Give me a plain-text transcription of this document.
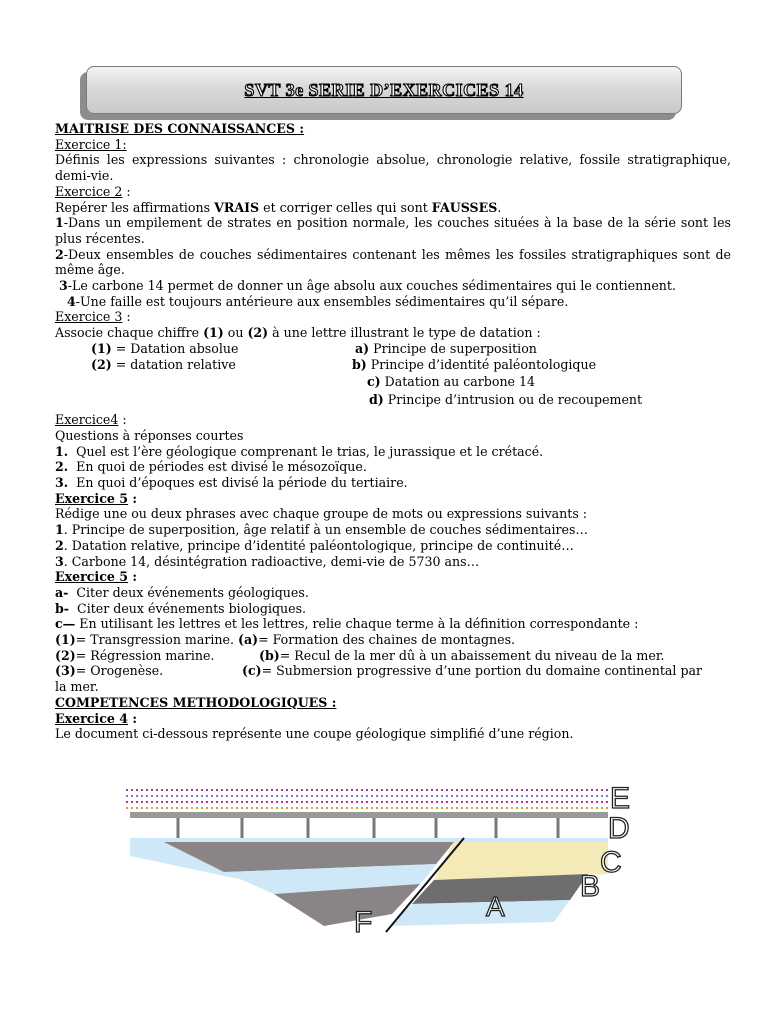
SVT 3e SERIE D’EXERCICES 14

MAITRISE DES CONNAISSANCES :

Exercice 1:

Définis les expressions suivantes : chronologie absolue, chronologie relative, fossile stratigraphique, demi-vie.

Exercice 2 :

Repérer les affirmations VRAIS et corriger celles qui sont FAUSSES.

1-Dans un empilement de strates en position normale, les couches situées à la base de la série sont les plus récentes.

2-Deux ensembles de couches sédimentaires contenant les mêmes les fossiles stratigraphiques sont de même âge.

3-Le carbone 14 permet de donner un âge absolu aux couches sédimentaires qui le contiennent.

4-Une faille est toujours antérieure aux ensembles sédimentaires qu’il sépare.

Exercice 3 :

Associe chaque chiffre (1) ou (2) à une lettre illustrant le type de datation :

(1) = Datation absolue	a) Principe de superposition
(2) = datation relative	b) Principe d’identité paléontologique
c) Datation au carbone 14
d) Principe d’intrusion ou de recoupement

Exercice4 :

Questions à réponses courtes

1. Quel est l’ère géologique comprenant le trias, le jurassique et le crétacé.

2. En quoi de périodes est divisé le mésozoïque.

3. En quoi d’époques est divisé la période du tertiaire.

Exercice 5 :

Rédige une ou deux phrases avec chaque groupe de mots ou expressions suivants :

1. Principe de superposition, âge relatif à un ensemble de couches sédimentaires…

2. Datation relative, principe d’identité paléontologique, principe de continuité…

3. Carbone 14, désintégration radioactive, demi-vie de 5730 ans…

Exercice 5 :

a-  Citer deux événements géologiques.

b-  Citer deux événements biologiques.

c— En utilisant les lettres et les lettres, relie chaque terme à la définition correspondante :

(1)= Transgression marine. (a)= Formation des chaines de montagnes.
(2)= Régression marine.	(b)= Recul de la mer dû à un abaissement du niveau de la mer.
(3)= Orogenèse.	(c)= Submersion progressive d’une portion du domaine continental par

la mer.

COMPETENCES METHODOLOGIQUES :

Exercice 4 :

Le document ci-dessous représente une coupe géologique simplifié d’une région.

E
D
C
B
A
F
